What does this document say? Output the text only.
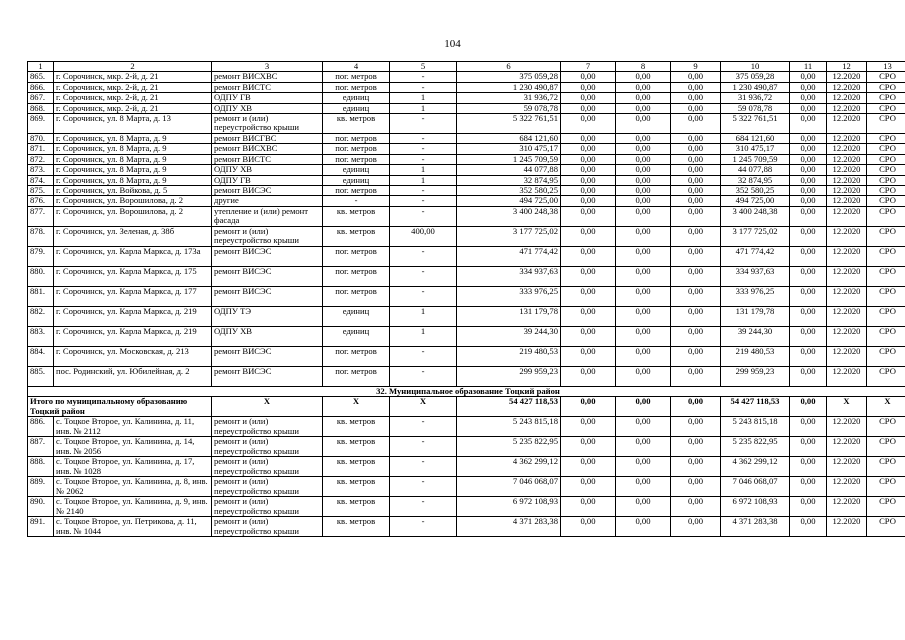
104
1	2	3	4	5	6	7	8	9	10	11	12	13
865.	г. Сорочинск, мкр. 2-й, д. 21	ремонт ВИСХВС	пог. метров	-	375 059,28	0,00	0,00	0,00	375 059,28	0,00	12.2020	СРО
866.	г. Сорочинск, мкр. 2-й, д. 21	ремонт ВИСТС	пог. метров	-	1 230 490,87	0,00	0,00	0,00	1 230 490,87	0,00	12.2020	СРО
867.	г. Сорочинск, мкр. 2-й, д. 21	ОДПУ ГВ	единиц	1	31 936,72	0,00	0,00	0,00	31 936,72	0,00	12.2020	СРО
868.	г. Сорочинск, мкр. 2-й, д. 21	ОДПУ ХВ	единиц	1	59 078,78	0,00	0,00	0,00	59 078,78	0,00	12.2020	СРО
869.	г. Сорочинск, ул. 8 Марта, д. 13	ремонт и (или) переустройство крыши	кв. метров	-	5 322 761,51	0,00	0,00	0,00	5 322 761,51	0,00	12.2020	СРО
870.	г. Сорочинск, ул. 8 Марта, д. 9	ремонт ВИСГВС	пог. метров	-	684 121,60	0,00	0,00	0,00	684 121,60	0,00	12.2020	СРО
871.	г. Сорочинск, ул. 8 Марта, д. 9	ремонт ВИСХВС	пог. метров	-	310 475,17	0,00	0,00	0,00	310 475,17	0,00	12.2020	СРО
872.	г. Сорочинск, ул. 8 Марта, д. 9	ремонт ВИСТС	пог. метров	-	1 245 709,59	0,00	0,00	0,00	1 245 709,59	0,00	12.2020	СРО
873.	г. Сорочинск, ул. 8 Марта, д. 9	ОДПУ ХВ	единиц	1	44 077,88	0,00	0,00	0,00	44 077,88	0,00	12.2020	СРО
874.	г. Сорочинск, ул. 8 Марта, д. 9	ОДПУ ГВ	единиц	1	32 874,95	0,00	0,00	0,00	32 874,95	0,00	12.2020	СРО
875.	г. Сорочинск, ул. Войкова, д. 5	ремонт ВИСЭС	пог. метров	-	352 580,25	0,00	0,00	0,00	352 580,25	0,00	12.2020	СРО
876.	г. Сорочинск, ул. Ворошилова, д. 2	другие	-	-	494 725,00	0,00	0,00	0,00	494 725,00	0,00	12.2020	СРО
877.	г. Сорочинск, ул. Ворошилова, д. 2	утепление и (или) ремонт фасада	кв. метров	-	3 400 248,38	0,00	0,00	0,00	3 400 248,38	0,00	12.2020	СРО
878.	г. Сорочинск, ул. Зеленая, д. 38б	ремонт и (или) переустройство крыши	кв. метров	400,00	3 177 725,02	0,00	0,00	0,00	3 177 725,02	0,00	12.2020	СРО
879.	г. Сорочинск, ул. Карла Маркса, д. 173а	ремонт ВИСЭС	пог. метров	-	471 774,42	0,00	0,00	0,00	471 774,42	0,00	12.2020	СРО
880.	г. Сорочинск, ул. Карла Маркса, д. 175	ремонт ВИСЭС	пог. метров	-	334 937,63	0,00	0,00	0,00	334 937,63	0,00	12.2020	СРО
881.	г. Сорочинск, ул. Карла Маркса, д. 177	ремонт ВИСЭС	пог. метров	-	333 976,25	0,00	0,00	0,00	333 976,25	0,00	12.2020	СРО
882.	г. Сорочинск, ул. Карла Маркса, д. 219	ОДПУ ТЭ	единиц	1	131 179,78	0,00	0,00	0,00	131 179,78	0,00	12.2020	СРО
883.	г. Сорочинск, ул. Карла Маркса, д. 219	ОДПУ ХВ	единиц	1	39 244,30	0,00	0,00	0,00	39 244,30	0,00	12.2020	СРО
884.	г. Сорочинск, ул. Московская, д. 213	ремонт ВИСЭС	пог. метров	-	219 480,53	0,00	0,00	0,00	219 480,53	0,00	12.2020	СРО
885.	пос. Родинский, ул. Юбилейная, д. 2	ремонт ВИСЭС	пог. метров	-	299 959,23	0,00	0,00	0,00	299 959,23	0,00	12.2020	СРО
32. Муниципальное образование Тоцкий район												
Итого по муниципальному образованию Тоцкий район		X	X	X	54 427 118,53	0,00	0,00	0,00	54 427 118,53	0,00	X	X
886.	с. Тоцкое Второе, ул. Калинина, д. 11, инв. № 2112	ремонт и (или) переустройство крыши	кв. метров	-	5 243 815,18	0,00	0,00	0,00	5 243 815,18	0,00	12.2020	СРО
887.	с. Тоцкое Второе, ул. Калинина, д. 14, инв. № 2056	ремонт и (или) переустройство крыши	кв. метров	-	5 235 822,95	0,00	0,00	0,00	5 235 822,95	0,00	12.2020	СРО
888.	с. Тоцкое Второе, ул. Калинина, д. 17, инв. № 1028	ремонт и (или) переустройство крыши	кв. метров	-	4 362 299,12	0,00	0,00	0,00	4 362 299,12	0,00	12.2020	СРО
889.	с. Тоцкое Второе, ул. Калинина, д. 8, инв. № 2062	ремонт и (или) переустройство крыши	кв. метров	-	7 046 068,07	0,00	0,00	0,00	7 046 068,07	0,00	12.2020	СРО
890.	с. Тоцкое Второе, ул. Калинина, д. 9, инв. № 2140	ремонт и (или) переустройство крыши	кв. метров	-	6 972 108,93	0,00	0,00	0,00	6 972 108,93	0,00	12.2020	СРО
891.	с. Тоцкое Второе, ул. Петрикова, д. 11, инв. № 1044	ремонт и (или) переустройство крыши	кв. метров	-	4 371 283,38	0,00	0,00	0,00	4 371 283,38	0,00	12.2020	СРО
